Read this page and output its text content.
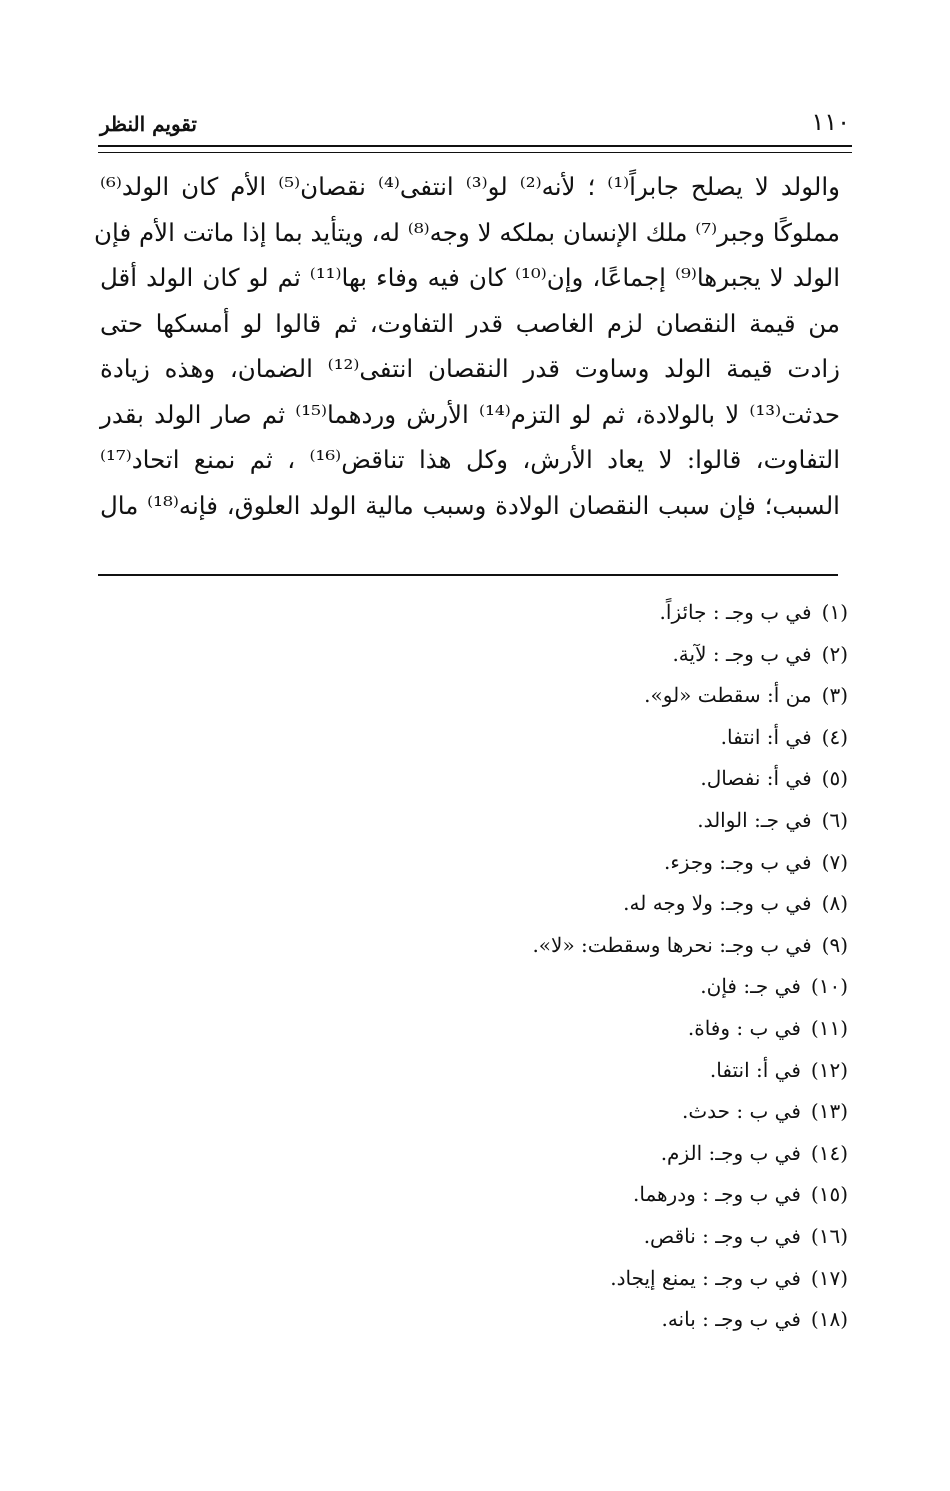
١١٠
تقويم النظر
والولد لا يصلح جابراً⁽¹⁾ ؛ لأنه⁽²⁾ لو⁽³⁾ انتفى⁽⁴⁾ نقصان⁽⁵⁾ الأم كان الولد⁽⁶⁾
مملوكًا وجبر⁽⁷⁾ ملك الإنسان بملكه لا وجه⁽⁸⁾ له، ويتأيد بما إذا ماتت الأم فإن
الولد لا يجبرها⁽⁹⁾ إجماعًا، وإن⁽¹⁰⁾ كان فيه وفاء بها⁽¹¹⁾ ثم لو كان الولد أقل
من قيمة النقصان لزم الغاصب قدر التفاوت، ثم قالوا لو أمسكها حتى
زادت قيمة الولد وساوت قدر النقصان انتفى⁽¹²⁾ الضمان، وهذه زيادة
حدثت⁽¹³⁾ لا بالولادة، ثم لو التزم⁽¹⁴⁾ الأرش وردهما⁽¹⁵⁾ ثم صار الولد بقدر
التفاوت، قالوا: لا يعاد الأرش، وكل هذا تناقض⁽¹⁶⁾ ، ثم نمنع اتحاد⁽¹⁷⁾
السبب؛ فإن سبب النقصان الولادة وسبب مالية الولد العلوق، فإنه⁽¹⁸⁾ مال
(١)في ب وجـ : جائزاً.
(٢)في ب وجـ : لآية.
(٣)من أ: سقطت «لو».
(٤)في أ: انتفا.
(٥)في أ: نفصال.
(٦)في جـ: الوالد.
(٧)في ب وجـ: وجزء.
(٨)في ب وجـ: ولا وجه له.
(٩)في ب وجـ: نحرها وسقطت: «لا».
(١٠)في جـ: فإن.
(١١)في ب : وفاة.
(١٢)في أ: انتفا.
(١٣)في ب : حدث.
(١٤)في ب وجـ: الزم.
(١٥)في ب وجـ : ودرهما.
(١٦)في ب وجـ : ناقص.
(١٧)في ب وجـ : يمنع إيجاد.
(١٨)في ب وجـ : بانه.
